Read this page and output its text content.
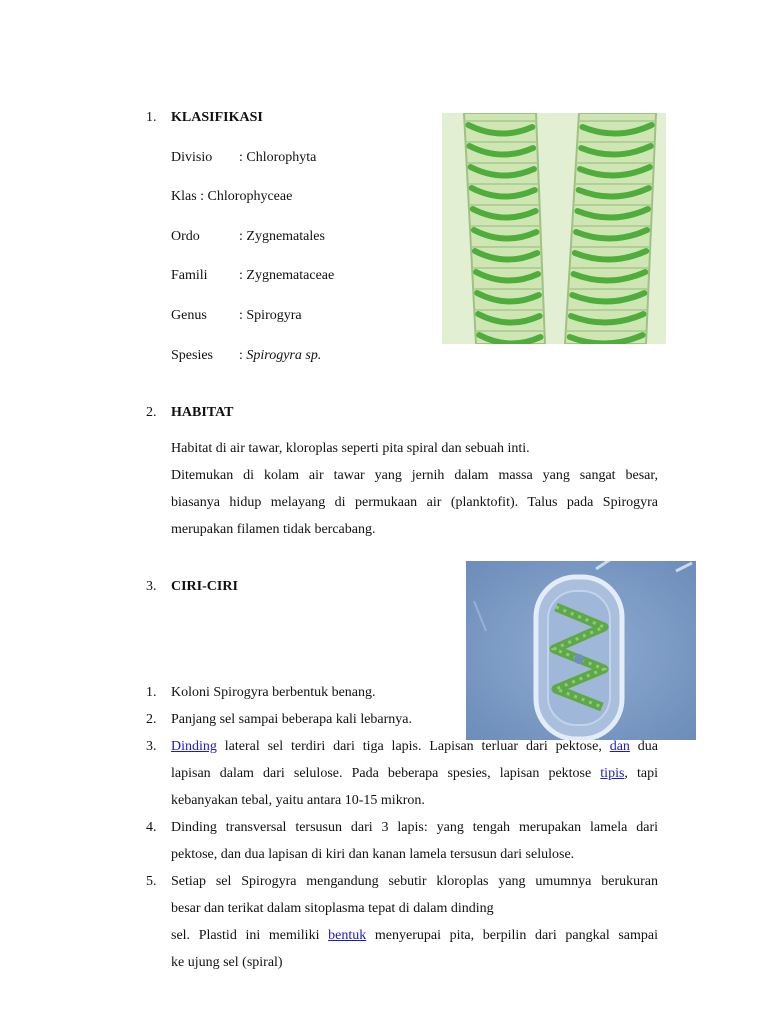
1. KLASIFIKASI
Divisio : Chlorophyta
Klas : Chlorophyceae
Ordo	: Zygnematales
Famili : Zygnemataceae
Genus : Spirogyra
Spesies : Spirogyra sp.
2. HABITAT
Habitat di air tawar, kloroplas seperti pita spiral dan sebuah inti.
Ditemukan di kolam air tawar yang jernih dalam massa yang sangat besar,
biasanya hidup melayang di permukaan air (planktofit). Talus pada Spirogyra
merupakan filamen tidak bercabang.
3. CIRI-CIRI
1. Koloni Spirogyra berbentuk benang.
2. Panjang sel sampai beberapa kali lebarnya.
3. Dinding lateral sel terdiri dari tiga lapis. Lapisan terluar dari pektose, dan dua
lapisan dalam dari selulose. Pada beberapa spesies, lapisan pektose tipis, tapi
kebanyakan tebal, yaitu antara 10-15 mikron.
4. Dinding transversal tersusun dari 3 lapis: yang tengah merupakan lamela dari
pektose, dan dua lapisan di kiri dan kanan lamela tersusun dari selulose.
5. Setiap sel Spirogyra mengandung sebutir kloroplas yang umumnya berukuran
besar dan terikat dalam sitoplasma tepat di dalam dinding
sel. Plastid ini memiliki bentuk menyerupai pita, berpilin dari pangkal sampai
ke ujung sel (spiral)
